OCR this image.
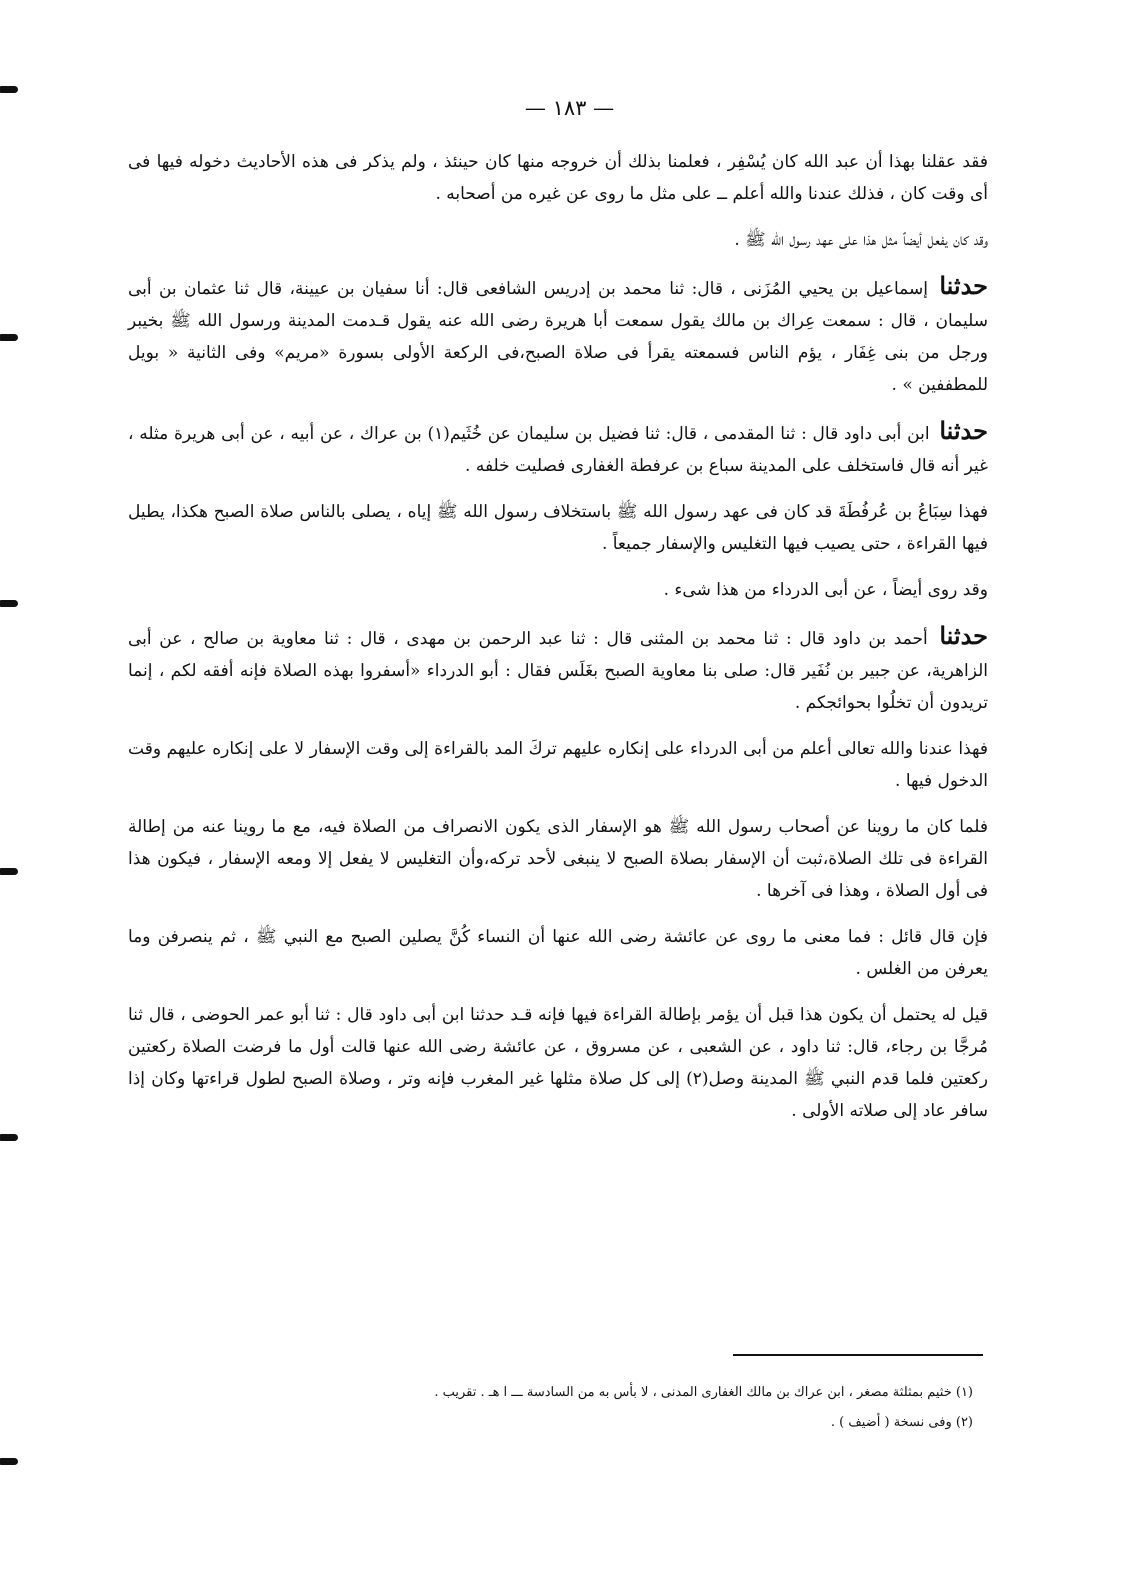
— ١٨٣ —

فقد عقلنا بهذا أن عبد الله كان يُسْفِر ، فعلمنا بذلك أن خروجه منها كان حينئذ ، ولم يذكر فى هذه الأحاديث دخوله فيها فى أى وقت كان ، فذلك عندنا والله أعلم ــ على مثل ما روى عن غيره من أصحابه .

وقد كان يفعل أيضاً مثل هذا على عهد رسول الله ﷺ .

حدثنا إسماعيل بن يحيي المُزَنى ، قال: ثنا محمد بن إدريس الشافعى قال: أنا سفيان بن عيينة، قال ثنا عثمان بن أبى سليمان ، قال : سمعت عِراك بن مالك يقول سمعت أبا هريرة رضى الله عنه يقول قـدمت المدينة ورسول الله ﷺ بخيبر ورجل من بنى غِفَار ، يؤم الناس فسمعته يقرأ فى صلاة الصبح،فى الركعة الأولى بسورة «مريم» وفى الثانية « بويل للمطففين » .

حدثنا ابن أبى داود قال : ثنا المقدمى ، قال: ثنا فضيل بن سليمان عن خُثَيم(١) بن عراك ، عن أبيه ، عن أبى هريرة مثله ، غير أنه قال فاستخلف على المدينة سباع بن عرفطة الغفارى فصليت خلفه .

فهذا سِبَاعُ بن عُرفُطَةَ قد كان فى عهد رسول الله ﷺ باستخلاف رسول الله ﷺ إياه ، يصلى بالناس صلاة الصبح هكذا، يطيل فيها القراءة ، حتى يصيب فيها التغليس والإسفار جميعاً .

وقد روى أيضاً ، عن أبى الدرداء من هذا شىء .

حدثنا أحمد بن داود قال : ثنا محمد بن المثنى قال : ثنا عبد الرحمن بن مهدى ، قال : ثنا معاوية بن صالح ، عن أبى الزاهرية، عن جبير بن نُفَير قال: صلى بنا معاوية الصبح بغَلَس فقال : أبو الدرداء «أسفروا بهذه الصلاة فإنه أفقه لكم ، إنما تريدون أن تخلُوا بحوائجكم .

فهذا عندنا والله تعالى أعلم من أبى الدرداء على إنكاره عليهم تركَ المد بالقراءة إلى وقت الإسفار لا على إنكاره عليهم وقت الدخول فيها .

فلما كان ما روينا عن أصحاب رسول الله ﷺ هو الإسفار الذى يكون الانصراف من الصلاة فيه، مع ما روينا عنه من إطالة القراءة فى تلك الصلاة،ثبت أن الإسفار بصلاة الصبح لا ينبغى لأحد تركه،وأن التغليس لا يفعل إلا ومعه الإسفار ، فيكون هذا فى أول الصلاة ، وهذا فى آخرها .

فإن قال قائل : فما معنى ما روى عن عائشة رضى الله عنها أن النساء كُنَّ يصلين الصبح مع النبي ﷺ ، ثم ينصرفن وما يعرفن من الغلس .

قيل له يحتمل أن يكون هذا قبل أن يؤمر بإطالة القراءة فيها فإنه قـد حدثنا ابن أبى داود قال : ثنا أبو عمر الحوضى ، قال ثنا مُرجَّا بن رجاء، قال: ثنا داود ، عن الشعبى ، عن مسروق ، عن عائشة رضى الله عنها قالت أول ما فرضت الصلاة ركعتين ركعتين فلما قدم النبي ﷺ المدينة وصل(٢) إلى كل صلاة مثلها غير المغرب فإنه وتر ، وصلاة الصبح لطول قراءتها وكان إذا سافر عاد إلى صلاته الأولى .

(١) خثيم بمثلثة مصغر ، ابن عراك بن مالك الغفارى المدنى ، لا بأس به من السادسة ـــ ا هـ . تقريب .

(٢) وفى نسخة ( أضيف ) .
